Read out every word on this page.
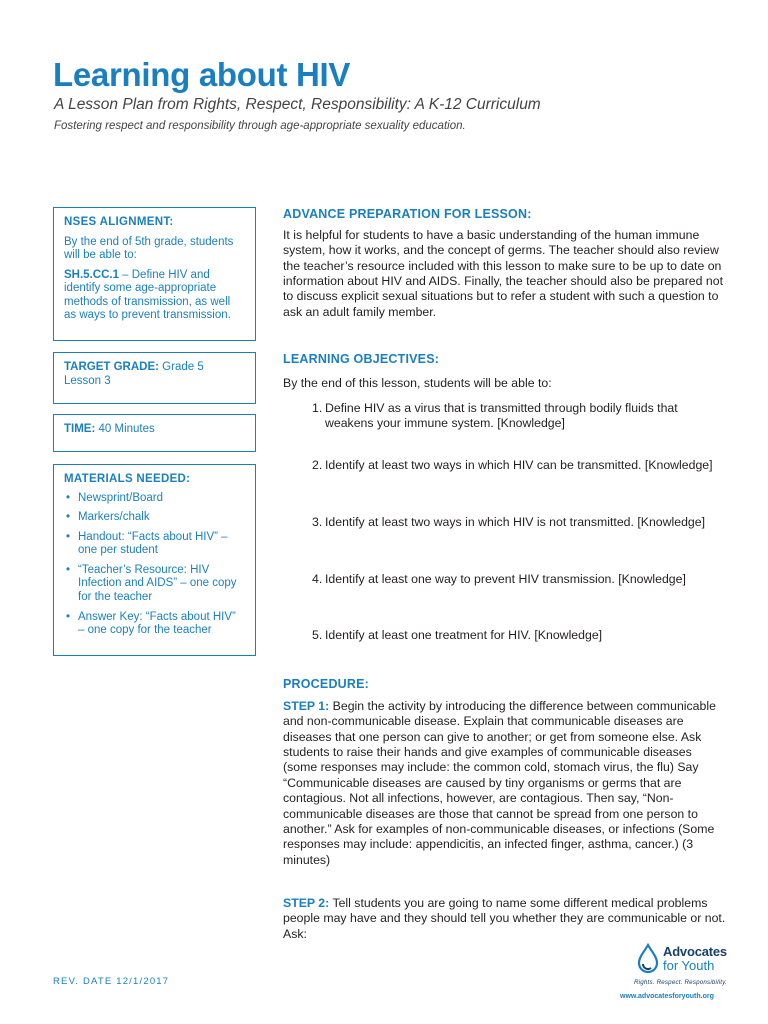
Learning about HIV
A Lesson Plan from Rights, Respect, Responsibility: A K-12 Curriculum
Fostering respect and responsibility through age-appropriate sexuality education.
NSES ALIGNMENT:

By the end of 5th grade, students will be able to:

SH.5.CC.1 – Define HIV and identify some age-appropriate methods of transmission, as well as ways to prevent transmission.

TARGET GRADE: Grade 5
Lesson 3
TIME: 40 Minutes
MATERIALS NEEDED:
• Newsprint/Board
• Markers/chalk
• Handout: “Facts about HIV” – one per student
• “Teacher’s Resource: HIV Infection and AIDS” – one copy for the teacher
• Answer Key: “Facts about HIV” – one copy for the teacher
ADVANCE PREPARATION FOR LESSON:
It is helpful for students to have a basic understanding of the human immune system, how it works, and the concept of germs. The teacher should also review the teacher’s resource included with this lesson to make sure to be up to date on information about HIV and AIDS. Finally, the teacher should also be prepared not to discuss explicit sexual situations but to refer a student with such a question to ask an adult family member.
LEARNING OBJECTIVES:
By the end of this lesson, students will be able to:
1. Define HIV as a virus that is transmitted through bodily fluids that weakens your immune system. [Knowledge]
2. Identify at least two ways in which HIV can be transmitted. [Knowledge]
3. Identify at least two ways in which HIV is not transmitted. [Knowledge]
4. Identify at least one way to prevent HIV transmission. [Knowledge]
5. Identify at least one treatment for HIV. [Knowledge]
PROCEDURE:
STEP 1: Begin the activity by introducing the difference between communicable and non-communicable disease. Explain that communicable diseases are diseases that one person can give to another; or get from someone else. Ask students to raise their hands and give examples of communicable diseases (some responses may include: the common cold, stomach virus, the flu) Say “Communicable diseases are caused by tiny organisms or germs that are contagious. Not all infections, however, are contagious. Then say, “Non-communicable diseases are those that cannot be spread from one person to another.” Ask for examples of non-communicable diseases, or infections (Some responses may include: appendicitis, an infected finger, asthma, cancer.) (3 minutes)
STEP 2: Tell students you are going to name some different medical problems people may have and they should tell you whether they are communicable or not. Ask:
REV. DATE 12/1/2017
Advocates
for Youth
Rights. Respect. Responsibility.
www.advocatesforyouth.org
